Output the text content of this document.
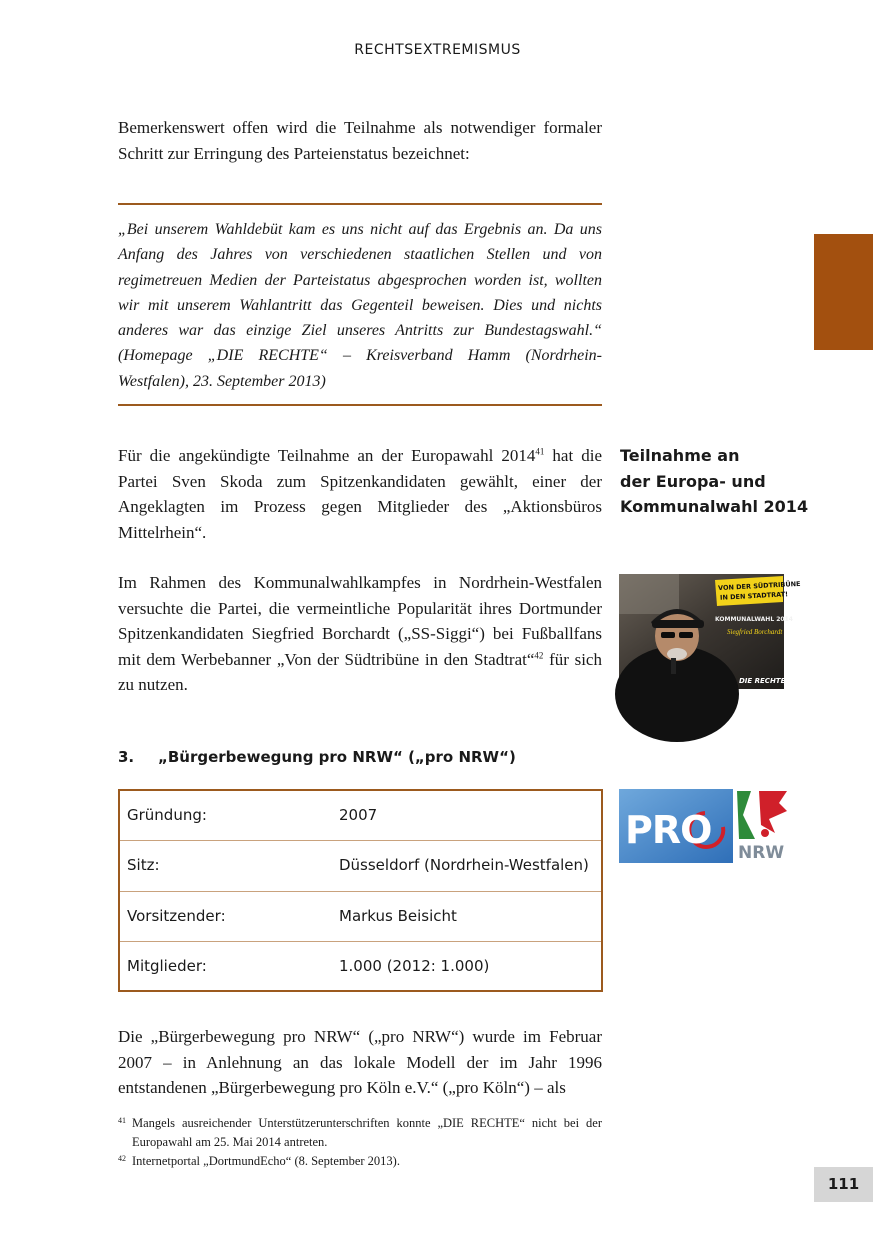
RECHTSEXTREMISMUS

Bemerkenswert offen wird die Teilnahme als notwendiger formaler Schritt zur Erringung des Parteienstatus bezeichnet:

„Bei unserem Wahldebüt kam es uns nicht auf das Ergebnis an. Da uns Anfang des Jahres von verschiedenen staatlichen Stellen und von regimetreuen Medien der Parteistatus abgesprochen worden ist, wollten wir mit unserem Wahlantritt das Gegenteil beweisen. Dies und nichts anderes war das einzige Ziel unseres Antritts zur Bundestagswahl.“ (Homepage „DIE RECHTE“ – Kreisverband Hamm (Nordrhein-Westfalen), 23. September 2013)

Für die angekündigte Teilnahme an der Europawahl 2014$^{41}$ hat die Partei Sven Skoda zum Spitzenkandidaten gewählt, einer der Angeklagten im Prozess gegen Mitglieder des „Aktionsbüros Mittelrhein“.

Teilnahme an
der Europa- und
Kommunalwahl 2014

Im Rahmen des Kommunalwahlkampfes in Nordrhein-Westfalen versuchte die Partei, die vermeintliche Popularität ihres Dortmunder Spitzenkandidaten Siegfried Borchardt („SS-Siggi“) bei Fußballfans mit dem Werbebanner „Von der Südtribüne in den Stadtrat“$^{42}$ für sich zu nutzen.

VON DER SÜDTRIBÜNE
IN DEN STADTRAT!
KOMMUNALWAHL 2014
Siegfried Borchardt
DIE RECHTE
3. „Bürgerbewegung pro NRW“ („pro NRW“)
Gründung:	2007
Sitz:	Düsseldorf (Nordrhein-Westfalen)
Vorsitzender:	Markus Beisicht
Mitglieder:	1.000 (2012: 1.000)
PRO
NRW

Die „Bürgerbewegung pro NRW“ („pro NRW“) wurde im Februar 2007 – in Anlehnung an das lokale Modell der im Jahr 1996 entstandenen „Bürgerbewegung pro Köln e.V.“ („pro Köln“) – als

41 Mangels ausreichender Unterstützerunterschriften konnte „DIE RECHTE“ nicht bei der Europawahl am 25. Mai 2014 antreten.

42 Internetportal „DortmundEcho“ (8. September 2013).

111
